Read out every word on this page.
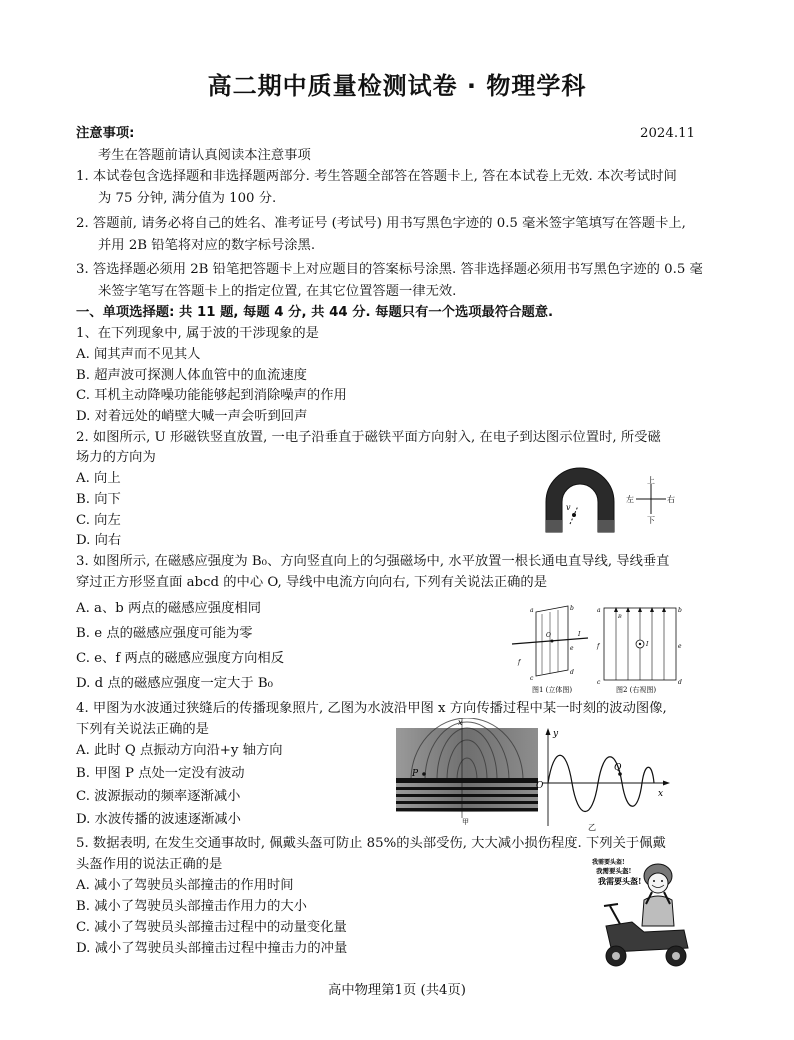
高二期中质量检测试卷 · 物理学科
注意事项:	2024.11
考生在答题前请认真阅读本注意事项
1. 本试卷包含选择题和非选择题两部分. 考生答题全部答在答题卡上, 答在本试卷上无效. 本次考试时间
为 75 分钟, 满分值为 100 分.
2. 答题前, 请务必将自己的姓名、准考证号 (考试号) 用书写黑色字迹的 0.5 毫米签字笔填写在答题卡上,
并用 2B 铅笔将对应的数字标号涂黑.
3. 答选择题必须用 2B 铅笔把答题卡上对应题目的答案标号涂黑. 答非选择题必须用书写黑色字迹的 0.5 毫
米签字笔写在答题卡上的指定位置, 在其它位置答题一律无效.
一、单项选择题: 共 11 题, 每题 4 分, 共 44 分. 每题只有一个选项最符合题意.
1、在下列现象中, 属于波的干涉现象的是
A. 闻其声而不见其人
B. 超声波可探测人体血管中的血流速度
C. 耳机主动降噪功能能够起到消除噪声的作用
D. 对着远处的峭壁大喊一声会听到回声
2. 如图所示, U 形磁铁竖直放置, 一电子沿垂直于磁铁平面方向射入, 在电子到达图示位置时, 所受磁
场力的方向为
A. 向上
B. 向下
C. 向左
D. 向右
v
上
下
左	右
3. 如图所示, 在磁感应强度为 B₀、方向竖直向上的匀强磁场中, 水平放置一根长通电直导线, 导线垂直
穿过正方形竖直面 abcd 的中心 O, 导线中电流方向向右, 下列有关说法正确的是
A. a、b 两点的磁感应强度相同
B. e 点的磁感应强度可能为零
C. e、f 两点的磁感应强度方向相反
D. d 点的磁感应强度一定大于 B₀
a	b
d
c
f
e
O	I
图1 (立体图)
a	b
c	d
f	e
I
B
图2 (右视图)
4. 甲图为水波通过狭缝后的传播现象照片, 乙图为水波沿甲图 x 方向传播过程中某一时刻的波动图像,
下列有关说法正确的是
A. 此时 Q 点振动方向沿+y 轴方向
B. 甲图 P 点处一定没有波动
C. 波源振动的频率逐渐减小
D. 水波传播的波速逐渐减小
x
P
甲
y
O
x
Q
乙
5. 数据表明, 在发生交通事故时, 佩戴头盔可防止 85%的头部受伤, 大大减小损伤程度. 下列关于佩戴
头盔作用的说法正确的是
A. 减小了驾驶员头部撞击的作用时间
B. 减小了驾驶员头部撞击作用力的大小
C. 减小了驾驶员头部撞击过程中的动量变化量
D. 减小了驾驶员头部撞击过程中撞击力的冲量
我需要头盔!
我需要头盔!
我需要头盔!
高中物理第1页 (共4页)
